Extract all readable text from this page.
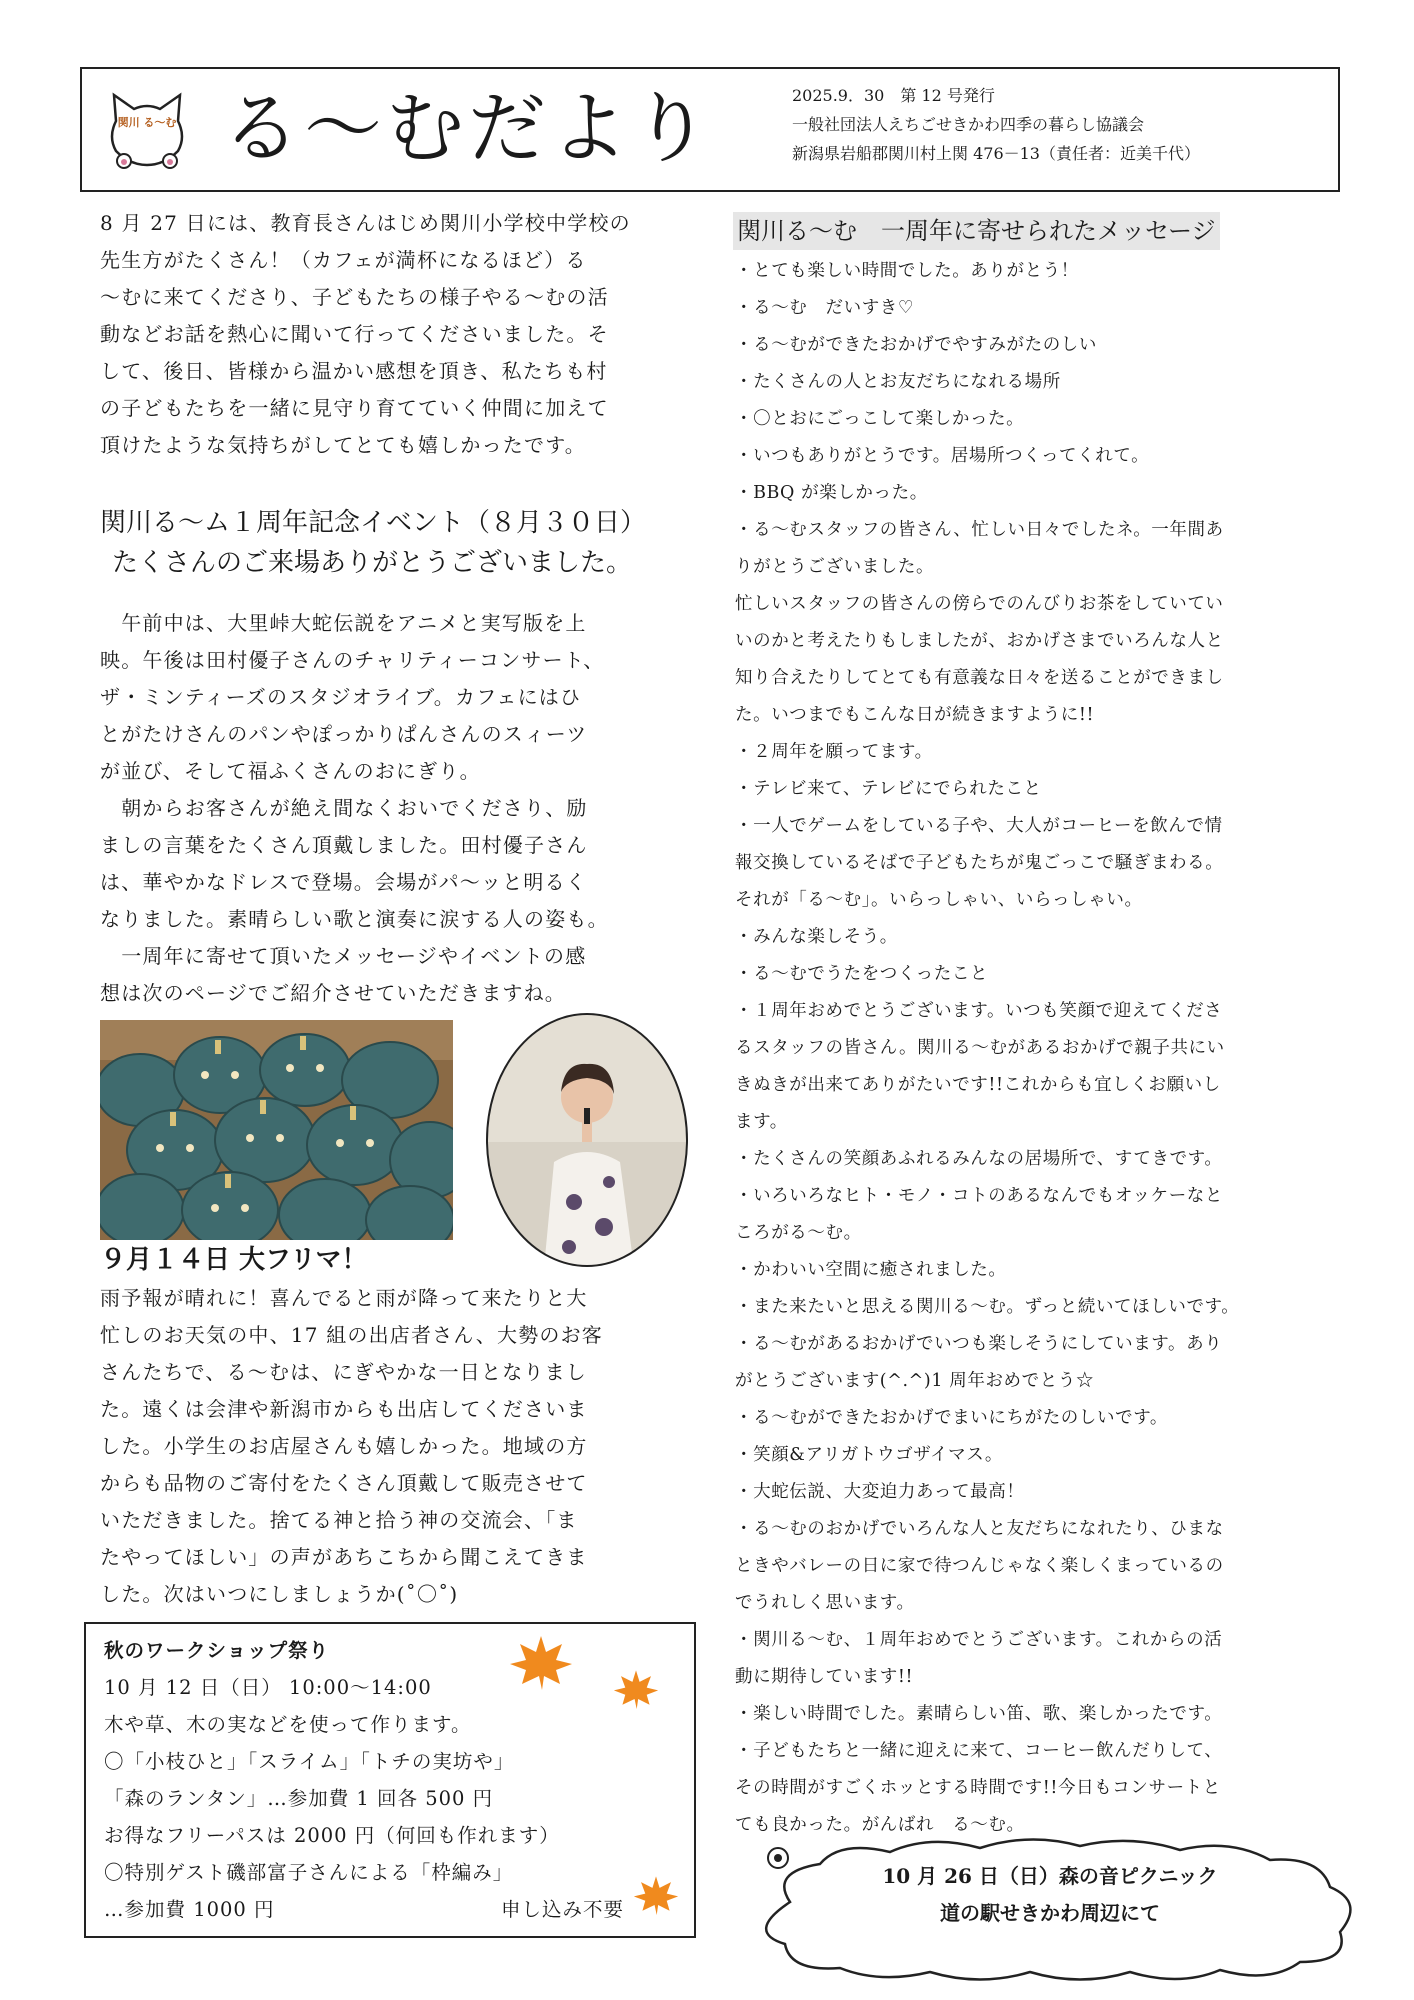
関川 る～む る～むだより	2025.9．30　第 12 号発行
一般社団法人えちごせきかわ四季の暮らし協議会
新潟県岩船郡関川村上関 476－13（責任者：近美千代）

8 月 27 日には、教育長さんはじめ関川小学校中学校の

先生方がたくさん！（カフェが満杯になるほど）る

～むに来てくださり、子どもたちの様子やる～むの活

動などお話を熱心に聞いて行ってくださいました。そ

して、後日、皆様から温かい感想を頂き、私たちも村

の子どもたちを一緒に見守り育てていく仲間に加えて

頂けたような気持ちがしてとても嬉しかったです。

関川る～ム１周年記念イベント（８月３０日）
たくさんのご来場ありがとうございました。

　午前中は、大里峠大蛇伝説をアニメと実写版を上

映。午後は田村優子さんのチャリティーコンサート、

ザ・ミンティーズのスタジオライブ。カフェにはひ

とがたけさんのパンやぽっかりぱんさんのスィーツ

が並び、そして福ふくさんのおにぎり。

　朝からお客さんが絶え間なくおいでくださり、励

ましの言葉をたくさん頂戴しました。田村優子さん

は、華やかなドレスで登場。会場がパ～ッと明るく

なりました。素晴らしい歌と演奏に涙する人の姿も。

　一周年に寄せて頂いたメッセージやイベントの感

想は次のページでご紹介させていただきますね。

９月１４日 大フリマ！

雨予報が晴れに！喜んでると雨が降って来たりと大

忙しのお天気の中、17 組の出店者さん、大勢のお客

さんたちで、る～むは、にぎやかな一日となりまし

た。遠くは会津や新潟市からも出店してくださいま

した。小学生のお店屋さんも嬉しかった。地域の方

からも品物のご寄付をたくさん頂戴して販売させて

いただきました。捨てる神と拾う神の交流会、「ま

たやってほしい」の声があちこちから聞こえてきま

した。次はいつにしましょうか(˚〇˚)

秋のワークショップ祭り

10 月 12 日（日） 10:00～14:00

木や草、木の実などを使って作ります。

〇「小枝ひと」「スライム」「トチの実坊や」

「森のランタン」…参加費 1 回各 500 円

お得なフリーパスは 2000 円（何回も作れます）

〇特別ゲスト磯部富子さんによる「枠編み」

…参加費 1000 円	申し込み不要

関川る～む　一周年に寄せられたメッセージ

・とても楽しい時間でした。ありがとう！

・る～む　だいすき♡

・る～むができたおかげでやすみがたのしい

・たくさんの人とお友だちになれる場所

・〇とおにごっこして楽しかった。

・いつもありがとうです。居場所つくってくれて。

・BBQ が楽しかった。

・る～むスタッフの皆さん、忙しい日々でしたネ。一年間あ

りがとうございました。

忙しいスタッフの皆さんの傍らでのんびりお茶をしていてい

いのかと考えたりもしましたが、おかげさまでいろんな人と

知り合えたりしてとても有意義な日々を送ることができまし

た。いつまでもこんな日が続きますように!!

・２周年を願ってます。

・テレビ来て、テレビにでられたこと

・一人でゲームをしている子や、大人がコーヒーを飲んで情

報交換しているそばで子どもたちが鬼ごっこで騒ぎまわる。

それが「る～む」。いらっしゃい、いらっしゃい。

・みんな楽しそう。

・る～むでうたをつくったこと

・１周年おめでとうございます。いつも笑顔で迎えてくださ

るスタッフの皆さん。関川る～むがあるおかげで親子共にい

きぬきが出来てありがたいです!!これからも宜しくお願いし

ます。

・たくさんの笑顔あふれるみんなの居場所で、すてきです。

・いろいろなヒト・モノ・コトのあるなんでもオッケーなと

ころがる～む。

・かわいい空間に癒されました。

・また来たいと思える関川る～む。ずっと続いてほしいです。

・る～むがあるおかげでいつも楽しそうにしています。あり

がとうございます(^.^)1 周年おめでとう☆

・る～むができたおかげでまいにちがたのしいです。

・笑顔&アリガトウゴザイマス。

・大蛇伝説、大変迫力あって最高！

・る～むのおかげでいろんな人と友だちになれたり、ひまな

ときやバレーの日に家で待つんじゃなく楽しくまっているの

でうれしく思います。

・関川る～む、１周年おめでとうございます。これからの活

動に期待しています!!

・楽しい時間でした。素晴らしい笛、歌、楽しかったです。

・子どもたちと一緒に迎えに来て、コーヒー飲んだりして、

その時間がすごくホッとする時間です!!今日もコンサートと

ても良かった。がんばれ　る～む。

10 月 26 日（日）森の音ピクニック
道の駅せきかわ周辺にて
